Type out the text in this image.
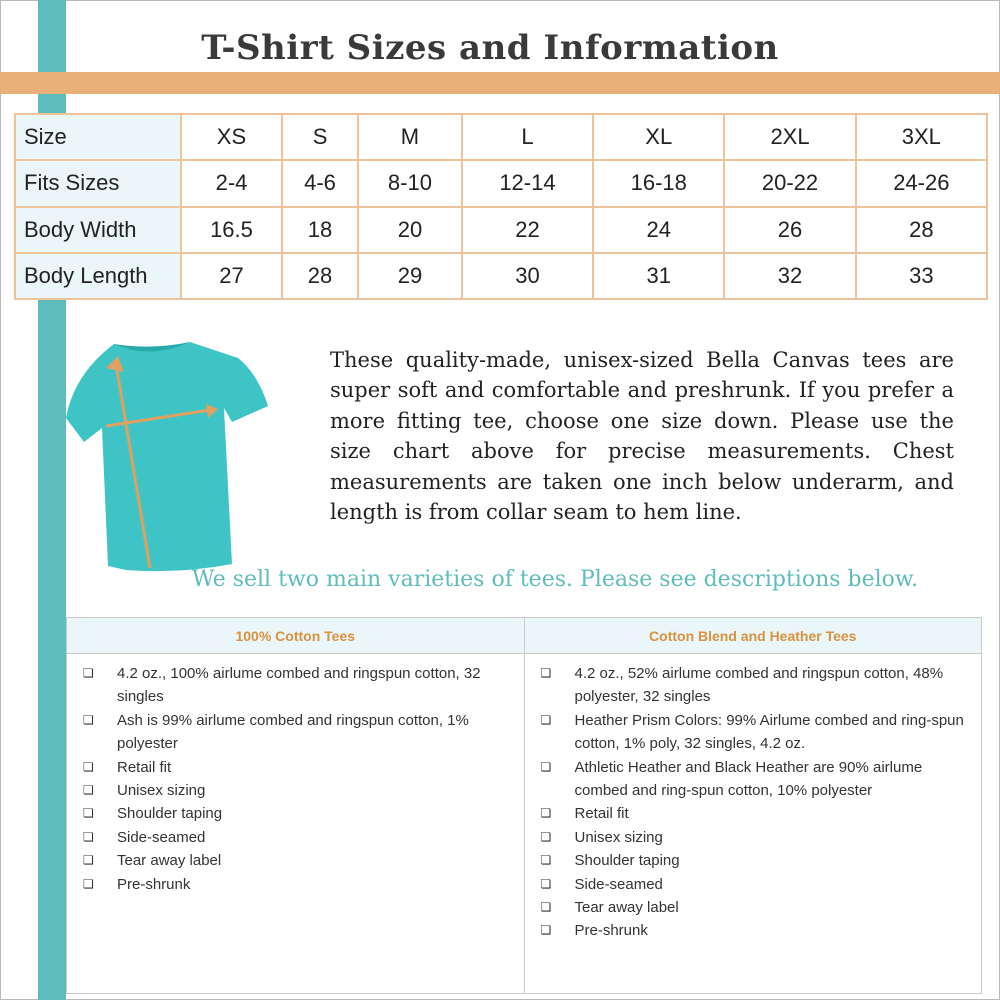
T-Shirt Sizes and Information
Size	XS	S	M	L	XL	2XL	3XL
Fits Sizes	2-4	4-6	8-10	12-14	16-18	20-22	24-26
Body Width	16.5	18	20	22	24	26	28
Body Length	27	28	29	30	31	32	33

These quality-made, unisex-sized Bella Canvas tees are super soft and comfortable and preshrunk. If you prefer a more fitting tee, choose one size down. Please use the size chart above for precise measurements. Chest measurements are taken one inch below underarm, and length is from collar seam to hem line.

We sell two main varieties of tees. Please see descriptions below.
100% Cotton Tees
❏ 4.2 oz., 100% airlume combed and ringspun cotton, 32 singles
❏ Ash is 99% airlume combed and ringspun cotton, 1% polyester
❏ Retail fit
❏ Unisex sizing
❏ Shoulder taping
❏ Side-seamed
❏ Tear away label
❏ Pre-shrunk
Cotton Blend and Heather Tees
❏ 4.2 oz., 52% airlume combed and ringspun cotton, 48% polyester, 32 singles
❏ Heather Prism Colors: 99% Airlume combed and ring-spun cotton, 1% poly, 32 singles, 4.2 oz.
❏ Athletic Heather and Black Heather are 90% airlume combed and ring-spun cotton, 10% polyester
❏ Retail fit
❏ Unisex sizing
❏ Shoulder taping
❏ Side-seamed
❏ Tear away label
❏ Pre-shrunk
